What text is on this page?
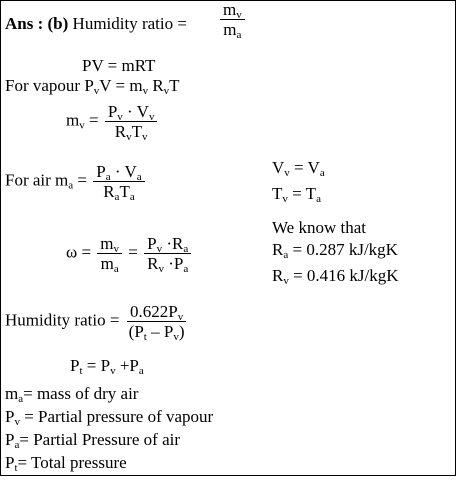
Ans : (b) Humidity ratio = $\frac{m_v}{m_a}$
PV = mRT
For vapour $P_vV = m_v$ $R_vT$
$m_v = \frac{P_v \cdot V_v}{R_vT_v}$
For air $m_a = \frac{P_a \cdot V_a}{R_aT_a}$	$V_v = V_a$
$T_v = T_a$
We know that
$R_a = 0.287$ kJ/kgK
$R_v = 0.416$ kJ/kgK
$\omega = \frac{m_v}{m_a} = \frac{P_v \cdot R_a}{R_v \cdot P_a}$
Humidity ratio = $\frac{0.622P_v}{(P_t - P_v)}$
$P_t = P_v +P_a$
$m_a=$ mass of dry air
$P_v$ = Partial pressure of vapour
$P_a=$ Partial Pressure of air
$P_t=$ Total pressure
